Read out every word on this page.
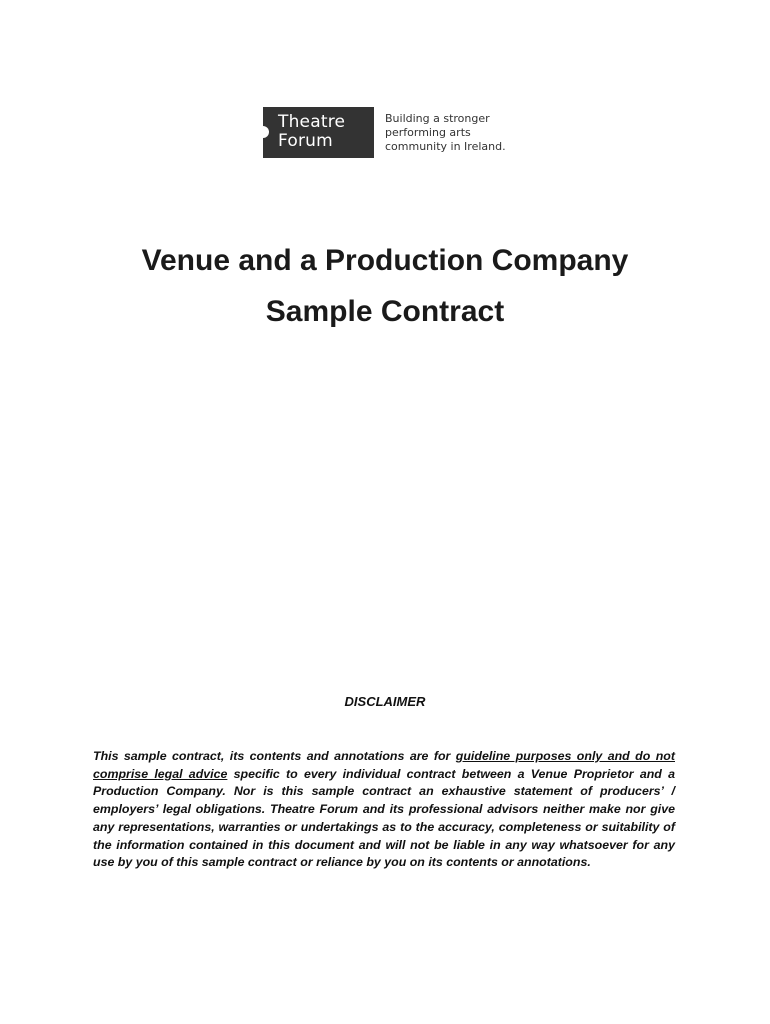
Theatre
Forum
Building a stronger
performing arts
community in Ireland.
Venue and a Production Company
Sample Contract
DISCLAIMER

This sample contract, its contents and annotations are for guideline purposes only and do not comprise legal advice specific to every individual contract between a Venue Proprietor and a Production Company. Nor is this sample contract an exhaustive statement of producers’ / employers’ legal obligations. Theatre Forum and its professional advisors neither make nor give any representations, warranties or undertakings as to the accuracy, completeness or suitability of the information contained in this document and will not be liable in any way whatsoever for any use by you of this sample contract or reliance by you on its contents or annotations.
